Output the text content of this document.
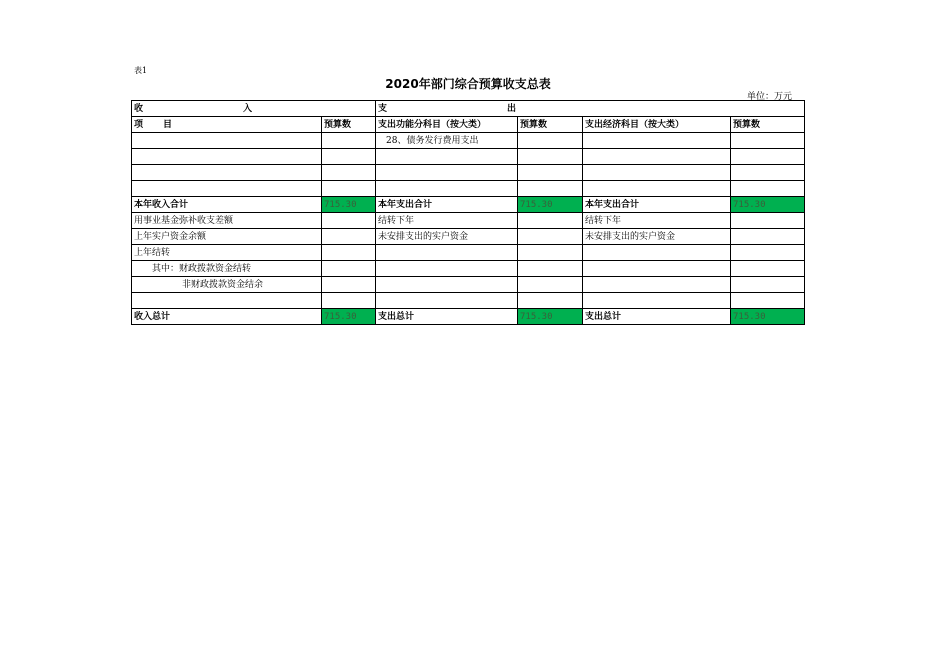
表1
2020年部门综合预算收支总表
单位：万元
收 入		支 出			
项 目	预算数	支出功能分科目（按大类）	预算数	支出经济科目（按大类）	预算数
		28、债务发行费用支出			

本年收入合计	715.30	本年支出合计	715.30	本年支出合计	715.30
用事业基金弥补收支差额		结转下年		结转下年	
上年实户资金余额		未安排支出的实户资金		未安排支出的实户资金	
上年结转					
其中：财政拨款资金结转					
非财政拨款资金结余					

收入总计	715.30	支出总计	715.30	支出总计	715.30
